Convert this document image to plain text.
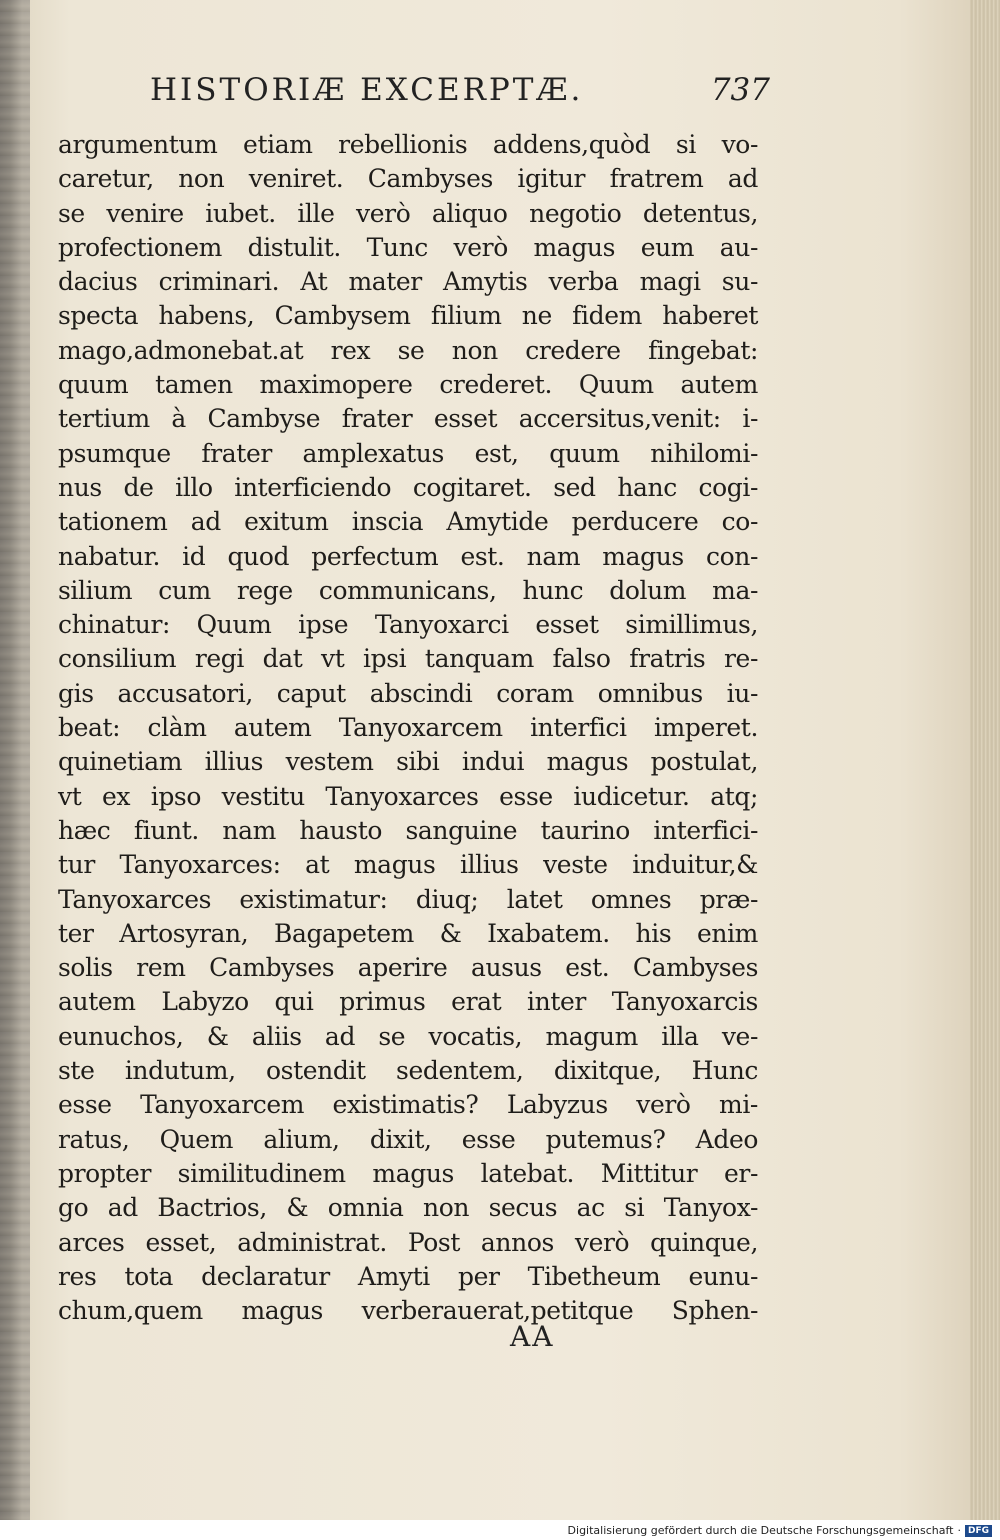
HISTORIÆ EXCERPTÆ.	737
argumentum etiam rebellionis addens,quòd si vo-
caretur, non veniret. Cambyses igitur fratrem ad
se venire iubet. ille verò aliquo negotio detentus,
profectionem distulit. Tunc verò magus eum au-
dacius criminari. At mater Amytis verba magi su-
specta habens, Cambysem filium ne fidem haberet
mago,admonebat.at rex se non credere fingebat:
quum tamen maximopere crederet. Quum autem
tertium à Cambyse frater esset accersitus,venit: i-
psumque frater amplexatus est, quum nihilomi-
nus de illo interficiendo cogitaret. sed hanc cogi-
tationem ad exitum inscia Amytide perducere co-
nabatur. id quod perfectum est. nam magus con-
silium cum rege communicans, hunc dolum ma-
chinatur: Quum ipse Tanyoxarci esset simillimus,
consilium regi dat vt ipsi tanquam falso fratris re-
gis accusatori, caput abscindi coram omnibus iu-
beat: clàm autem Tanyoxarcem interfici imperet.
quinetiam illius vestem sibi indui magus postulat,
vt ex ipso vestitu Tanyoxarces esse iudicetur. atq;
hæc fiunt. nam hausto sanguine taurino interfici-
tur Tanyoxarces: at magus illius veste induitur,&
Tanyoxarces existimatur: diuq; latet omnes præ-
ter Artosyran, Bagapetem & Ixabatem. his enim
solis rem Cambyses aperire ausus est. Cambyses
autem Labyzo qui primus erat inter Tanyoxarcis
eunuchos, & aliis ad se vocatis, magum illa ve-
ste indutum, ostendit sedentem, dixitque, Hunc
esse Tanyoxarcem existimatis? Labyzus verò mi-
ratus, Quem alium, dixit, esse putemus? Adeo
propter similitudinem magus latebat. Mittitur er-
go ad Bactrios, & omnia non secus ac si Tanyox-
arces esset, administrat. Post annos verò quinque,
res tota declaratur Amyti per Tibetheum eunu-
chum,quem magus verberauerat,petitque Sphen-
AA
Digitalisierung gefördert durch die Deutsche Forschungsgemeinschaft · DFG
